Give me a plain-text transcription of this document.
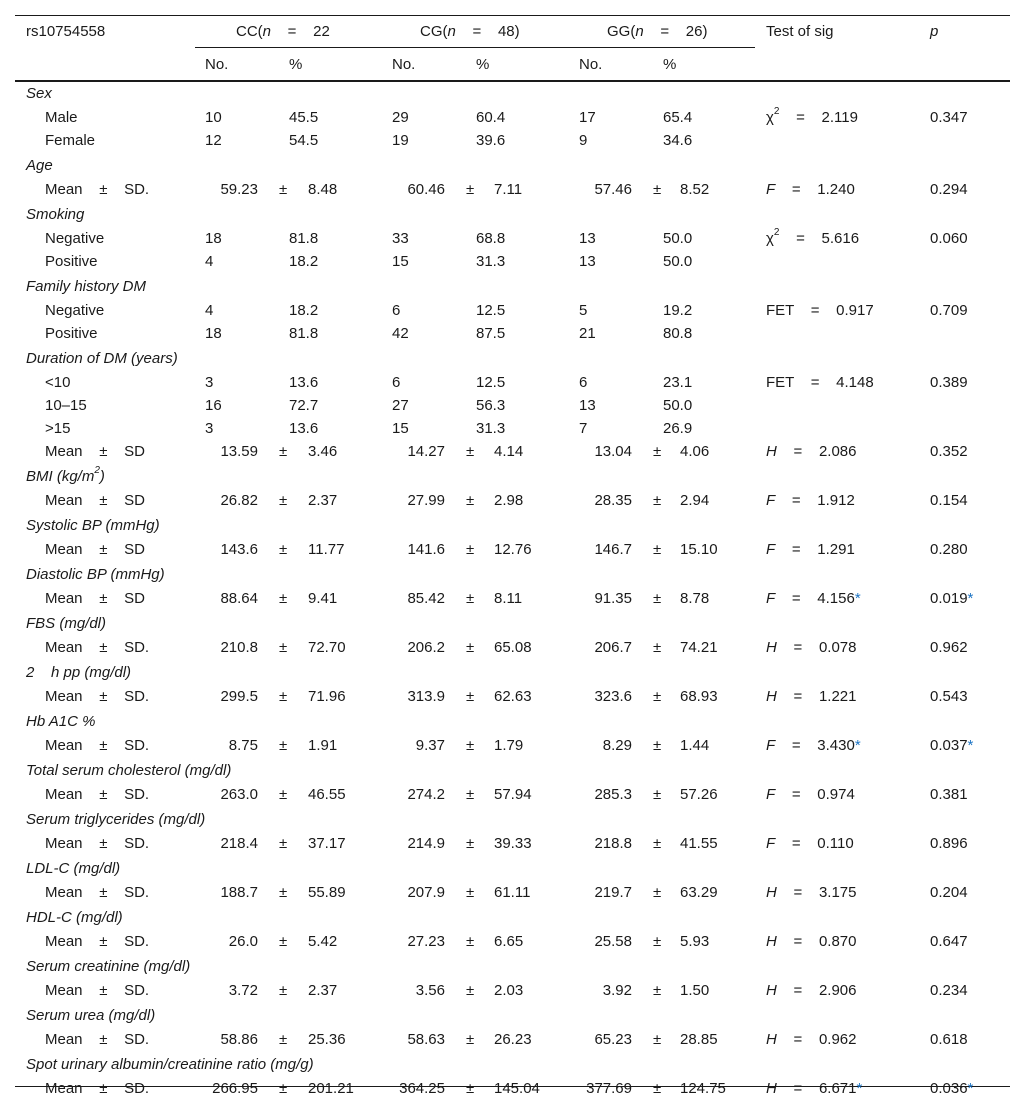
rs10754558	CC(n    =    22	CG(n    =    48)	GG(n    =    26)	Test of sig	p
No.	%	No.	%	No.	%
Sex
Male	10	45.5	29	60.4	17	65.4	$\chi^2$    =    2.119	0.347
Female	12	54.5	19	39.6	9	34.6
Age
Mean    ±    SD.	59.23 ± 8.48	60.46 ± 7.11	57.46 ± 8.52	F    =    1.240	0.294
Smoking
Negative	18	81.8	33	68.8	13	50.0	$\chi^2$    =    5.616	0.060
Positive	4	18.2	15	31.3	13	50.0
Family history DM
Negative	4	18.2	6	12.5	5	19.2	FET    =    0.917	0.709
Positive	18	81.8	42	87.5	21	80.8
Duration of DM (years)
<10	3	13.6	6	12.5	6	23.1	FET    =    4.148	0.389
10–15	16	72.7	27	56.3	13	50.0
>15	3	13.6	15	31.3	7	26.9
Mean    ±    SD	13.59 ± 3.46	14.27 ± 4.14	13.04 ± 4.06	H    =    2.086	0.352
BMI $(kg/m^2)$
Mean    ±    SD	26.82 ± 2.37	27.99 ± 2.98	28.35 ± 2.94	F    =    1.912	0.154
Systolic BP (mmHg)
Mean    ±    SD	143.6 ± 11.77	141.6 ± 12.76	146.7 ± 15.10	F    =    1.291	0.280
Diastolic BP (mmHg)
Mean    ±    SD	88.64 ± 9.41	85.42 ± 8.11	91.35 ± 8.78	F    =    4.156*	0.019*
FBS (mg/dl)
Mean    ±    SD.	210.8 ± 72.70	206.2 ± 65.08	206.7 ± 74.21	H    =    0.078	0.962
2    h pp (mg/dl)
Mean    ±    SD.	299.5 ± 71.96	313.9 ± 62.63	323.6 ± 68.93	H    =    1.221	0.543
Hb A1C %
Mean    ±    SD.	8.75 ± 1.91	9.37 ± 1.79	8.29 ± 1.44	F    =    3.430*	0.037*
Total serum cholesterol (mg/dl)
Mean    ±    SD.	263.0 ± 46.55	274.2 ± 57.94	285.3 ± 57.26	F    =    0.974	0.381
Serum triglycerides (mg/dl)
Mean    ±    SD.	218.4 ± 37.17	214.9 ± 39.33	218.8 ± 41.55	F    =    0.110	0.896
LDL-C (mg/dl)
Mean    ±    SD.	188.7 ± 55.89	207.9 ± 61.11	219.7 ± 63.29	H    =    3.175	0.204
HDL-C (mg/dl)
Mean    ±    SD.	26.0 ± 5.42	27.23 ± 6.65	25.58 ± 5.93	H    =    0.870	0.647
Serum creatinine (mg/dl)
Mean    ±    SD.	3.72 ± 2.37	3.56 ± 2.03	3.92 ± 1.50	H    =    2.906	0.234
Serum urea (mg/dl)
Mean    ±    SD.	58.86 ± 25.36	58.63 ± 26.23	65.23 ± 28.85	H    =    0.962	0.618
Spot urinary albumin/creatinine ratio (mg/g)
Mean    ±    SD.	266.95 ± 201.21	364.25 ± 145.04	377.69 ± 124.75	H    =    6.671*	0.036*
